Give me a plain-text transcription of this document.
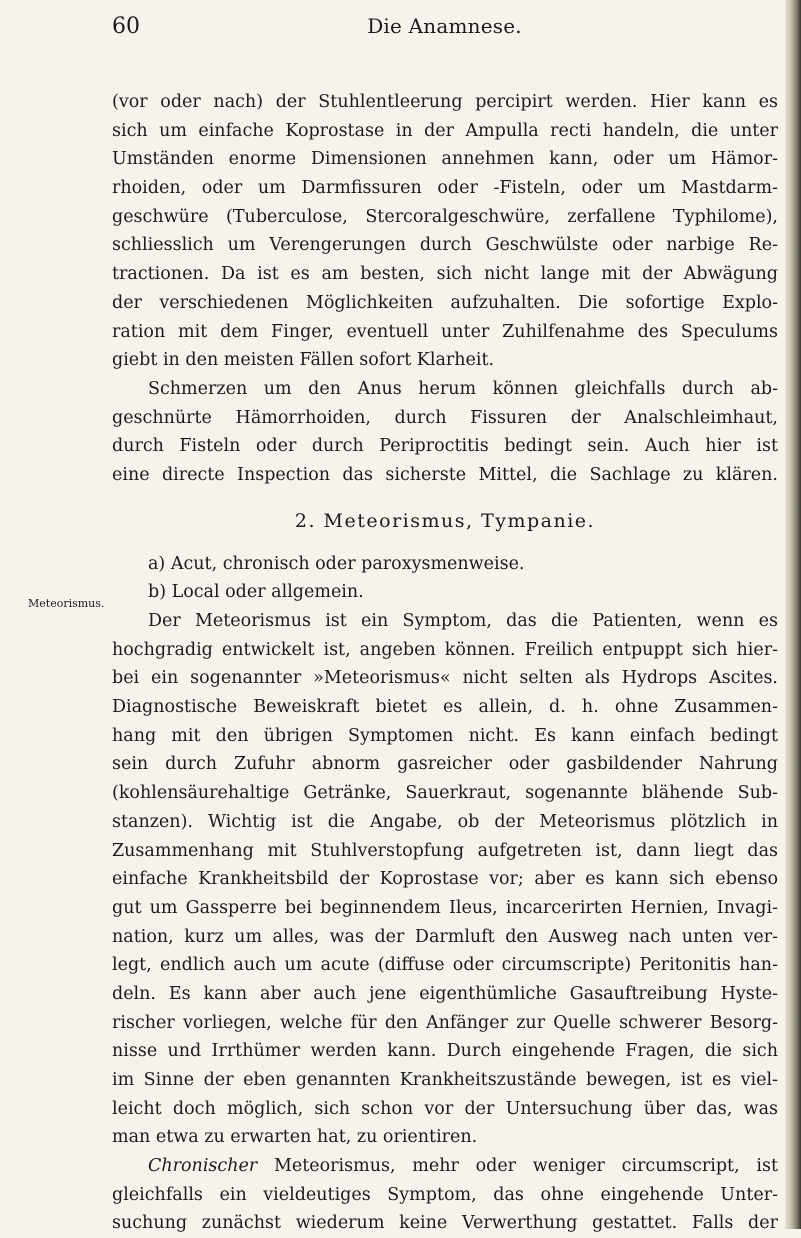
60	Die Anamnese.
Meteorismus.
(vor oder nach) der Stuhlentleerung percipirt werden. Hier kann es
sich um einfache Koprostase in der Ampulla recti handeln, die unter
Umständen enorme Dimensionen annehmen kann, oder um Hämor-
rhoiden, oder um Darmfissuren oder -Fisteln, oder um Mastdarm-
geschwüre (Tuberculose, Stercoralgeschwüre, zerfallene Typhilome),
schliesslich um Verengerungen durch Geschwülste oder narbige Re-
tractionen. Da ist es am besten, sich nicht lange mit der Abwägung
der verschiedenen Möglichkeiten aufzuhalten. Die sofortige Explo-
ration mit dem Finger, eventuell unter Zuhilfenahme des Speculums
giebt in den meisten Fällen sofort Klarheit.
Schmerzen um den Anus herum können gleichfalls durch ab-
geschnürte Hämorrhoiden, durch Fissuren der Analschleimhaut,
durch Fisteln oder durch Periproctitis bedingt sein. Auch hier ist
eine directe Inspection das sicherste Mittel, die Sachlage zu klären.
2. Meteorismus, Tympanie.
a) Acut, chronisch oder paroxysmenweise.
b) Local oder allgemein.
Der Meteorismus ist ein Symptom, das die Patienten, wenn es
hochgradig entwickelt ist, angeben können. Freilich entpuppt sich hier-
bei ein sogenannter »Meteorismus« nicht selten als Hydrops Ascites.
Diagnostische Beweiskraft bietet es allein, d. h. ohne Zusammen-
hang mit den übrigen Symptomen nicht. Es kann einfach bedingt
sein durch Zufuhr abnorm gasreicher oder gasbildender Nahrung
(kohlensäurehaltige Getränke, Sauerkraut, sogenannte blähende Sub-
stanzen). Wichtig ist die Angabe, ob der Meteorismus plötzlich in
Zusammenhang mit Stuhlverstopfung aufgetreten ist, dann liegt das
einfache Krankheitsbild der Koprostase vor; aber es kann sich ebenso
gut um Gassperre bei beginnendem Ileus, incarcerirten Hernien, Invagi-
nation, kurz um alles, was der Darmluft den Ausweg nach unten ver-
legt, endlich auch um acute (diffuse oder circumscripte) Peritonitis han-
deln. Es kann aber auch jene eigenthümliche Gasauftreibung Hyste-
rischer vorliegen, welche für den Anfänger zur Quelle schwerer Besorg-
nisse und Irrthümer werden kann. Durch eingehende Fragen, die sich
im Sinne der eben genannten Krankheitszustände bewegen, ist es viel-
leicht doch möglich, sich schon vor der Untersuchung über das, was
man etwa zu erwarten hat, zu orientiren.
Chronischer Meteorismus, mehr oder weniger circumscript, ist
gleichfalls ein vieldeutiges Symptom, das ohne eingehende Unter-
suchung zunächst wiederum keine Verwerthung gestattet. Falls der
